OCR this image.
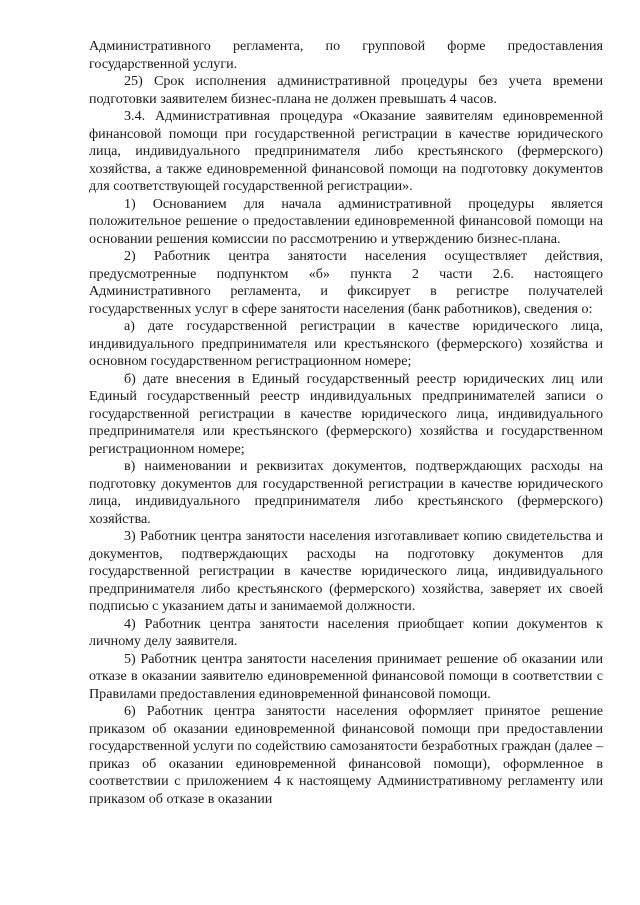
Административного регламента, по групповой форме предоставления государственной услуги.

25) Срок исполнения административной процедуры без учета времени подготовки заявителем бизнес-плана не должен превышать 4 часов.

3.4. Административная процедура «Оказание заявителям единовременной финансовой помощи при государственной регистрации в качестве юридического лица, индивидуального предпринимателя либо крестьянского (фермерского) хозяйства, а также единовременной финансовой помощи на подготовку документов для соответствующей государственной регистрации».

1) Основанием для начала административной процедуры является положительное решение о предоставлении единовременной финансовой помощи на основании решения комиссии по рассмотрению и утверждению бизнес-плана.

2) Работник центра занятости населения осуществляет действия, предусмотренные подпунктом «б» пункта 2 части 2.6. настоящего Административного регламента, и фиксирует в регистре получателей государственных услуг в сфере занятости населения (банк работников), сведения о:

а) дате государственной регистрации в качестве юридического лица, индивидуального предпринимателя или крестьянского (фермерского) хозяйства и основном государственном регистрационном номере;

б) дате внесения в Единый государственный реестр юридических лиц или Единый государственный реестр индивидуальных предпринимателей записи о государственной регистрации в качестве юридического лица, индивидуального предпринимателя или крестьянского (фермерского) хозяйства и государственном регистрационном номере;

в) наименовании и реквизитах документов, подтверждающих расходы на подготовку документов для государственной регистрации в качестве юридического лица, индивидуального предпринимателя либо крестьянского (фермерского) хозяйства.

3) Работник центра занятости населения изготавливает копию свидетельства и документов, подтверждающих расходы на подготовку документов для государственной регистрации в качестве юридического лица, индивидуального предпринимателя либо крестьянского (фермерского) хозяйства, заверяет их своей подписью с указанием даты и занимаемой должности.

4) Работник центра занятости населения приобщает копии документов к личному делу заявителя.

5) Работник центра занятости населения принимает решение об оказании или отказе в оказании заявителю единовременной финансовой помощи в соответствии с Правилами предоставления единовременной финансовой помощи.

6) Работник центра занятости населения оформляет принятое решение приказом об оказании единовременной финансовой помощи при предоставлении государственной услуги по содействию самозанятости безработных граждан (далее – приказ об оказании единовременной финансовой помощи), оформленное в соответствии с приложением 4 к настоящему Административному регламенту или приказом об отказе в оказании
